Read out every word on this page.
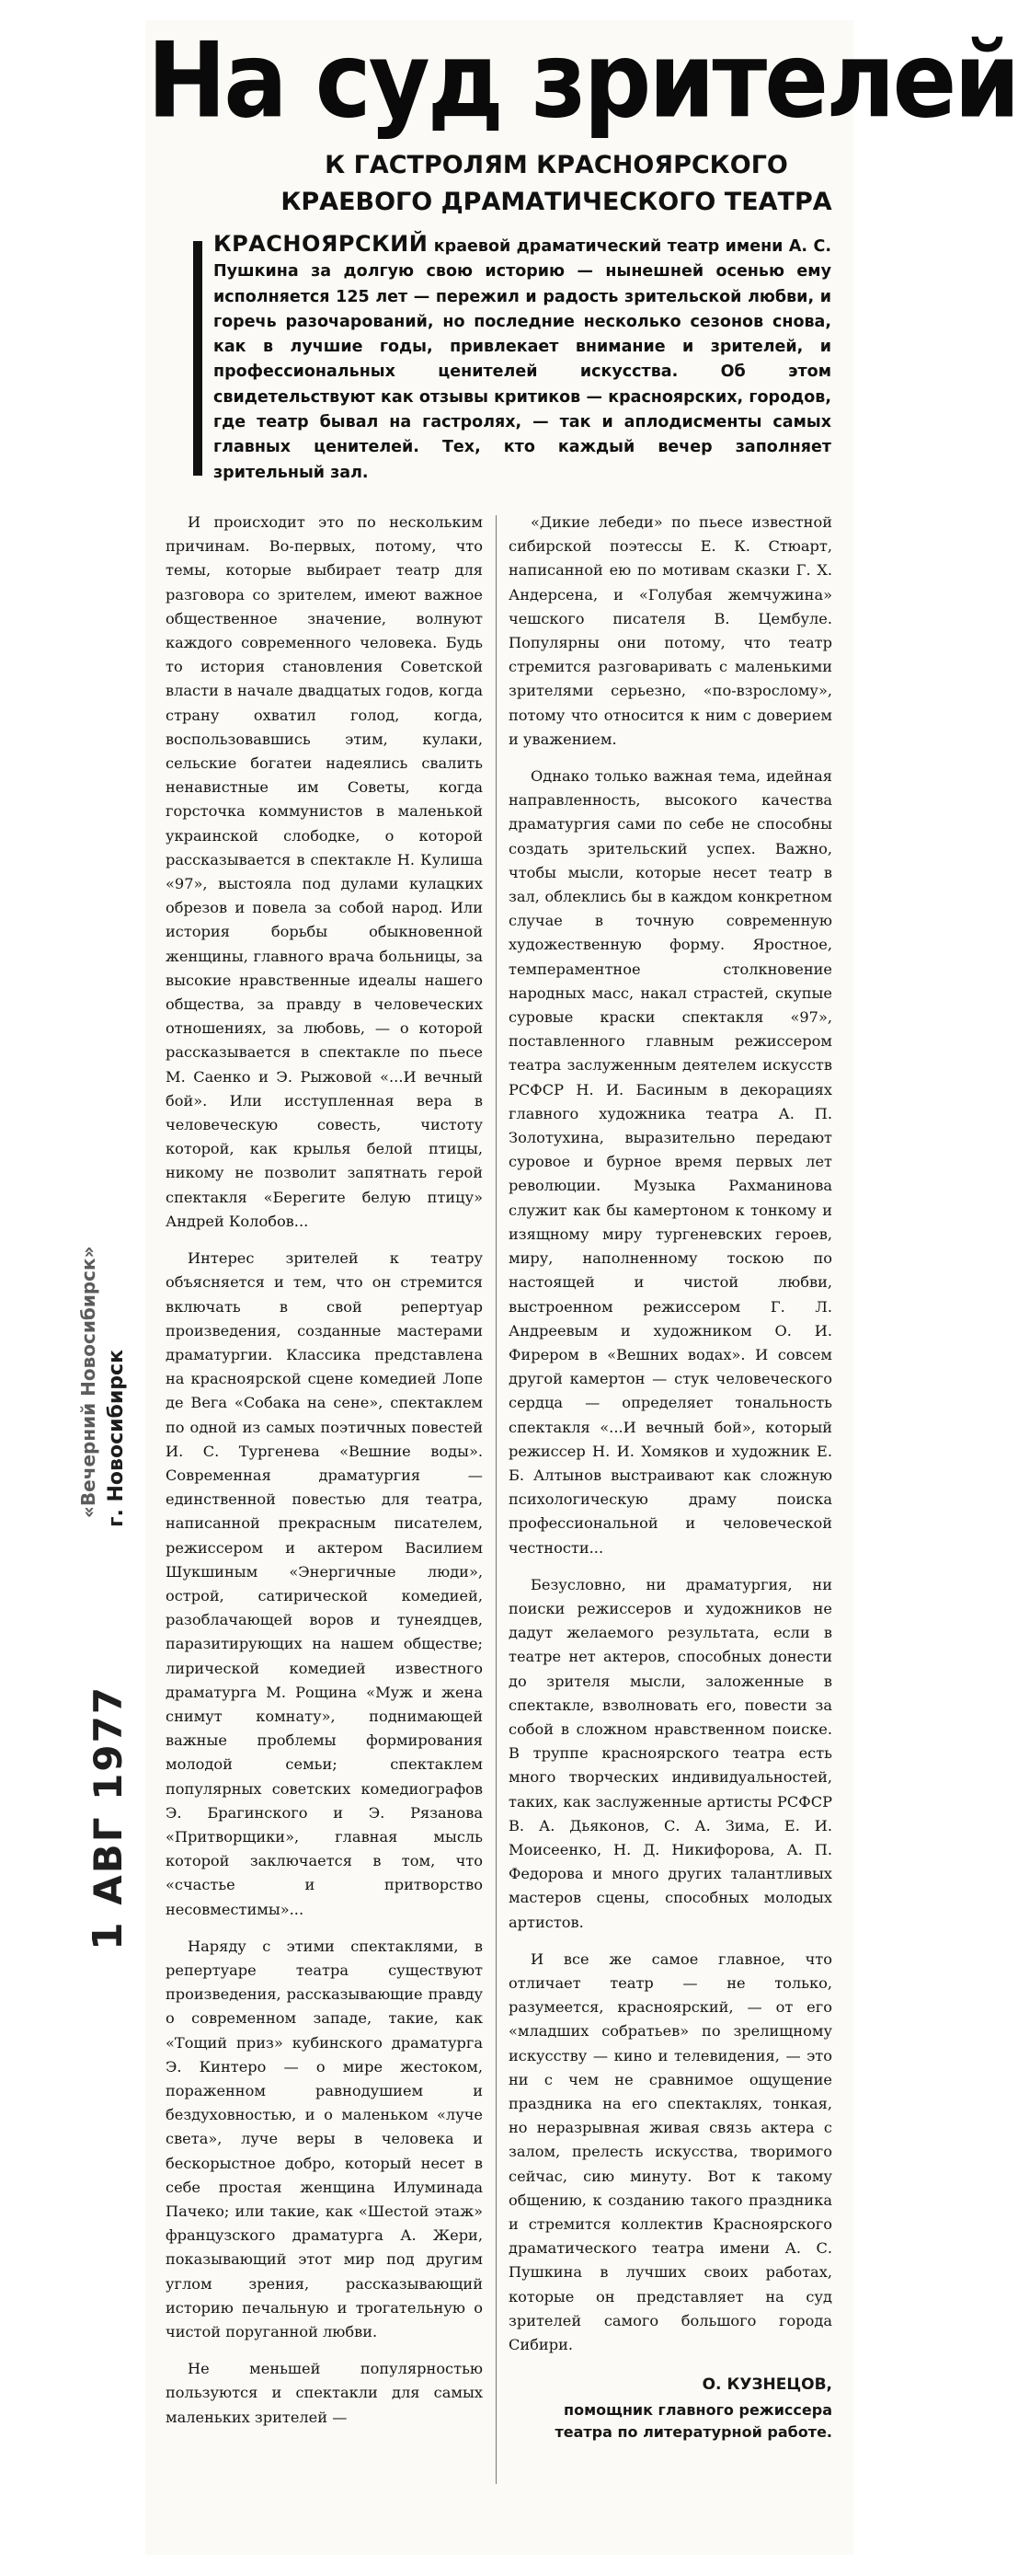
На суд зрителей
К ГАСТРОЛЯМ КРАСНОЯРСКОГО КРАЕВОГО ДРАМАТИЧЕСКОГО ТЕАТРА
КРАСНОЯРСКИЙ краевой драматический театр имени А. С. Пушкина за долгую свою историю — нынешней осенью ему исполняется 125 лет — пережил и радость зрительской любви, и горечь разочарований, но последние несколько сезонов снова, как в лучшие годы, привлекает внимание и зрителей, и профессиональных ценителей искусства. Об этом свидетельствуют как отзывы критиков — красноярских, городов, где театр бывал на гастролях, — так и аплодисменты самых главных ценителей. Тех, кто каждый вечер заполняет зрительный зал.

И происходит это по нескольким причинам. Во-первых, потому, что темы, которые выбирает театр для разговора со зрителем, имеют важное общественное значение, волнуют каждого современного человека. Будь то история становления Советской власти в начале двадцатых годов, когда страну охватил голод, когда, воспользовавшись этим, кулаки, сельские богатеи надеялись свалить ненавистные им Советы, когда горсточка коммунистов в маленькой украинской слободке, о которой рассказывается в спектакле Н. Кулиша «97», выстояла под дулами кулацких обрезов и повела за собой народ. Или история борьбы обыкновенной женщины, главного врача больницы, за высокие нравственные идеалы нашего общества, за правду в человеческих отношениях, за любовь, — о которой рассказывается в спектакле по пьесе М. Саенко и Э. Рыжовой «...И вечный бой». Или исступленная вера в человеческую совесть, чистоту которой, как крылья белой птицы, никому не позволит запятнать герой спектакля «Берегите белую птицу» Андрей Колобов...

Интерес зрителей к театру объясняется и тем, что он стремится включать в свой репертуар произведения, созданные мастерами драматургии. Классика представлена на красноярской сцене комедией Лопе де Вега «Собака на сене», спектаклем по одной из самых поэтичных повестей И. С. Тургенева «Вешние воды». Современная драматургия — единственной повестью для театра, написанной прекрасным писателем, режиссером и актером Василием Шукшиным «Энергичные люди», острой, сатирической комедией, разоблачающей воров и тунеядцев, паразитирующих на нашем обществе; лирической комедией известного драматурга М. Рощина «Муж и жена снимут комнату», поднимающей важные проблемы формирования молодой семьи; спектаклем популярных советских комедиографов Э. Брагинского и Э. Рязанова «Притворщики», главная мысль которой заключается в том, что «счастье и притворство несовместимы»...

Наряду с этими спектаклями, в репертуаре театра существуют произведения, рассказывающие правду о современном западе, такие, как «Тощий приз» кубинского драматурга Э. Кинтеро — о мире жестоком, пораженном равнодушием и бездуховностью, и о маленьком «луче света», луче веры в человека и бескорыстное добро, который несет в себе простая женщина Илуминада Пачеко; или такие, как «Шестой этаж» французского драматурга А. Жери, показывающий этот мир под другим углом зрения, рассказывающий историю печальную и трогательную о чистой поруганной любви.

Не меньшей популярностью пользуются и спектакли для самых маленьких зрителей —

«Дикие лебеди» по пьесе известной сибирской поэтессы Е. К. Стюарт, написанной ею по мотивам сказки Г. Х. Андерсена, и «Голубая жемчужина» чешского писателя В. Цембуле. Популярны они потому, что театр стремится разговаривать с маленькими зрителями серьезно, «по-взрослому», потому что относится к ним с доверием и уважением.

Однако только важная тема, идейная направленность, высокого качества драматургия сами по себе не способны создать зрительский успех. Важно, чтобы мысли, которые несет театр в зал, облеклись бы в каждом конкретном случае в точную современную художественную форму. Яростное, темпераментное столкновение народных масс, накал страстей, скупые суровые краски спектакля «97», поставленного главным режиссером театра заслуженным деятелем искусств РСФСР Н. И. Басиным в декорациях главного художника театра А. П. Золотухина, выразительно передают суровое и бурное время первых лет революции. Музыка Рахманинова служит как бы камертоном к тонкому и изящному миру тургеневских героев, миру, наполненному тоскою по настоящей и чистой любви, выстроенном режиссером Г. Л. Андреевым и художником О. И. Фирером в «Вешних водах». И совсем другой камертон — стук человеческого сердца — определяет тональность спектакля «...И вечный бой», который режиссер Н. И. Хомяков и художник Е. Б. Алтынов выстраивают как сложную психологическую драму поиска профессиональной и человеческой честности...

Безусловно, ни драматургия, ни поиски режиссеров и художников не дадут желаемого результата, если в театре нет актеров, способных донести до зрителя мысли, заложенные в спектакле, взволновать его, повести за собой в сложном нравственном поиске. В труппе красноярского театра есть много творческих индивидуальностей, таких, как заслуженные артисты РСФСР В. А. Дьяконов, С. А. Зима, Е. И. Моисеенко, Н. Д. Никифорова, А. П. Федорова и много других талантливых мастеров сцены, способных молодых артистов.

И все же самое главное, что отличает театр — не только, разумеется, красноярский, — от его «младших собратьев» по зрелищному искусству — кино и телевидения, — это ни с чем не сравнимое ощущение праздника на его спектаклях, тонкая, но неразрывная живая связь актера с залом, прелесть искусства, творимого сейчас, сию минуту. Вот к такому общению, к созданию такого праздника и стремится коллектив Красноярского драматического театра имени А. С. Пушкина в лучших своих работах, которые он представляет на суд зрителей самого большого города Сибири.

О. КУЗНЕЦОВ,
помощник главного режиссера театра по литературной работе.
«Вечерний Новосибирск» г. Новосибирск
1 АВГ 1977
